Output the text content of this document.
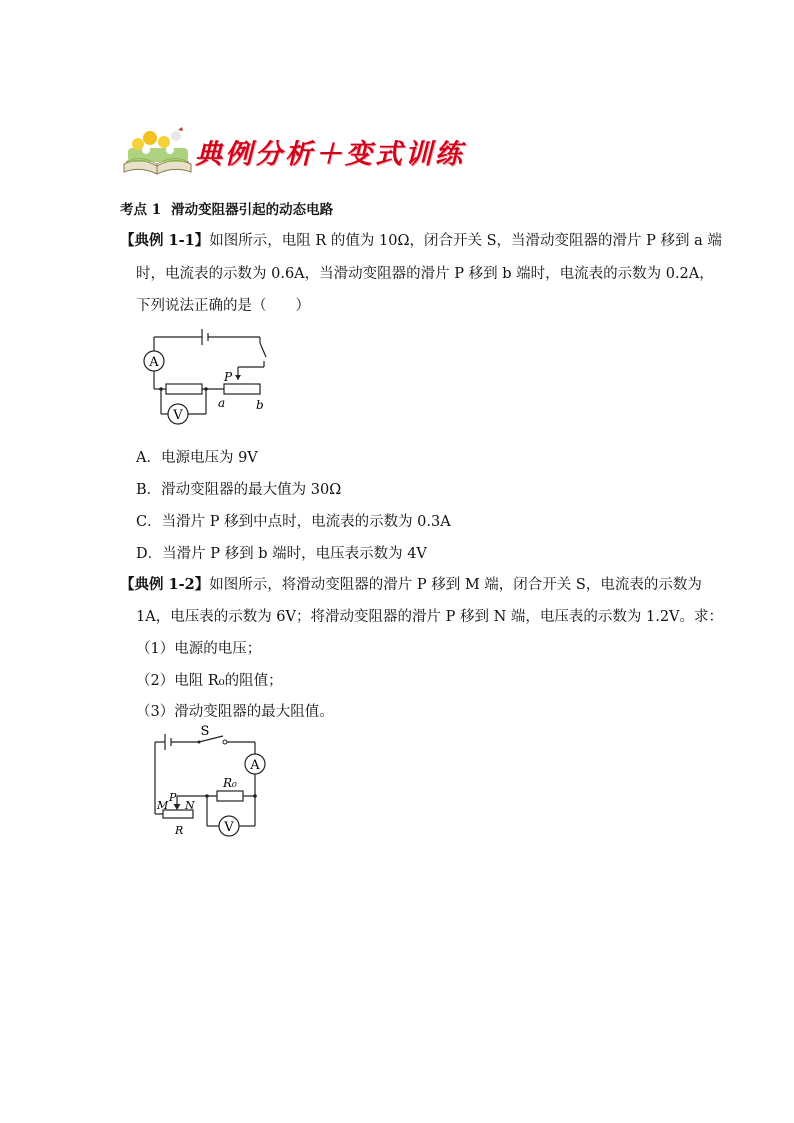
典例分析＋变式训练
考点 1 滑动变阻器引起的动态电路
【典例 1-1】如图所示，电阻 R 的值为 10Ω，闭合开关 S，当滑动变阻器的滑片 P 移到 a 端
时，电流表的示数为 0.6A，当滑动变阻器的滑片 P 移到 b 端时，电流表的示数为 0.2A，
下列说法正确的是（　　）
A
V
P
a	b
A．电源电压为 9V
B．滑动变阻器的最大值为 30Ω
C．当滑片 P 移到中点时，电流表的示数为 0.3A
D．当滑片 P 移到 b 端时，电压表示数为 4V
【典例 1-2】如图所示，将滑动变阻器的滑片 P 移到 M 端，闭合开关 S，电流表的示数为
1A，电压表的示数为 6V；将滑动变阻器的滑片 P 移到 N 端，电压表的示数为 1.2V。求：
（1）电源的电压；
（2）电阻 R₀的阻值；
（3）滑动变阻器的最大阻值。
A
V
S
R₀
P
M N
R
